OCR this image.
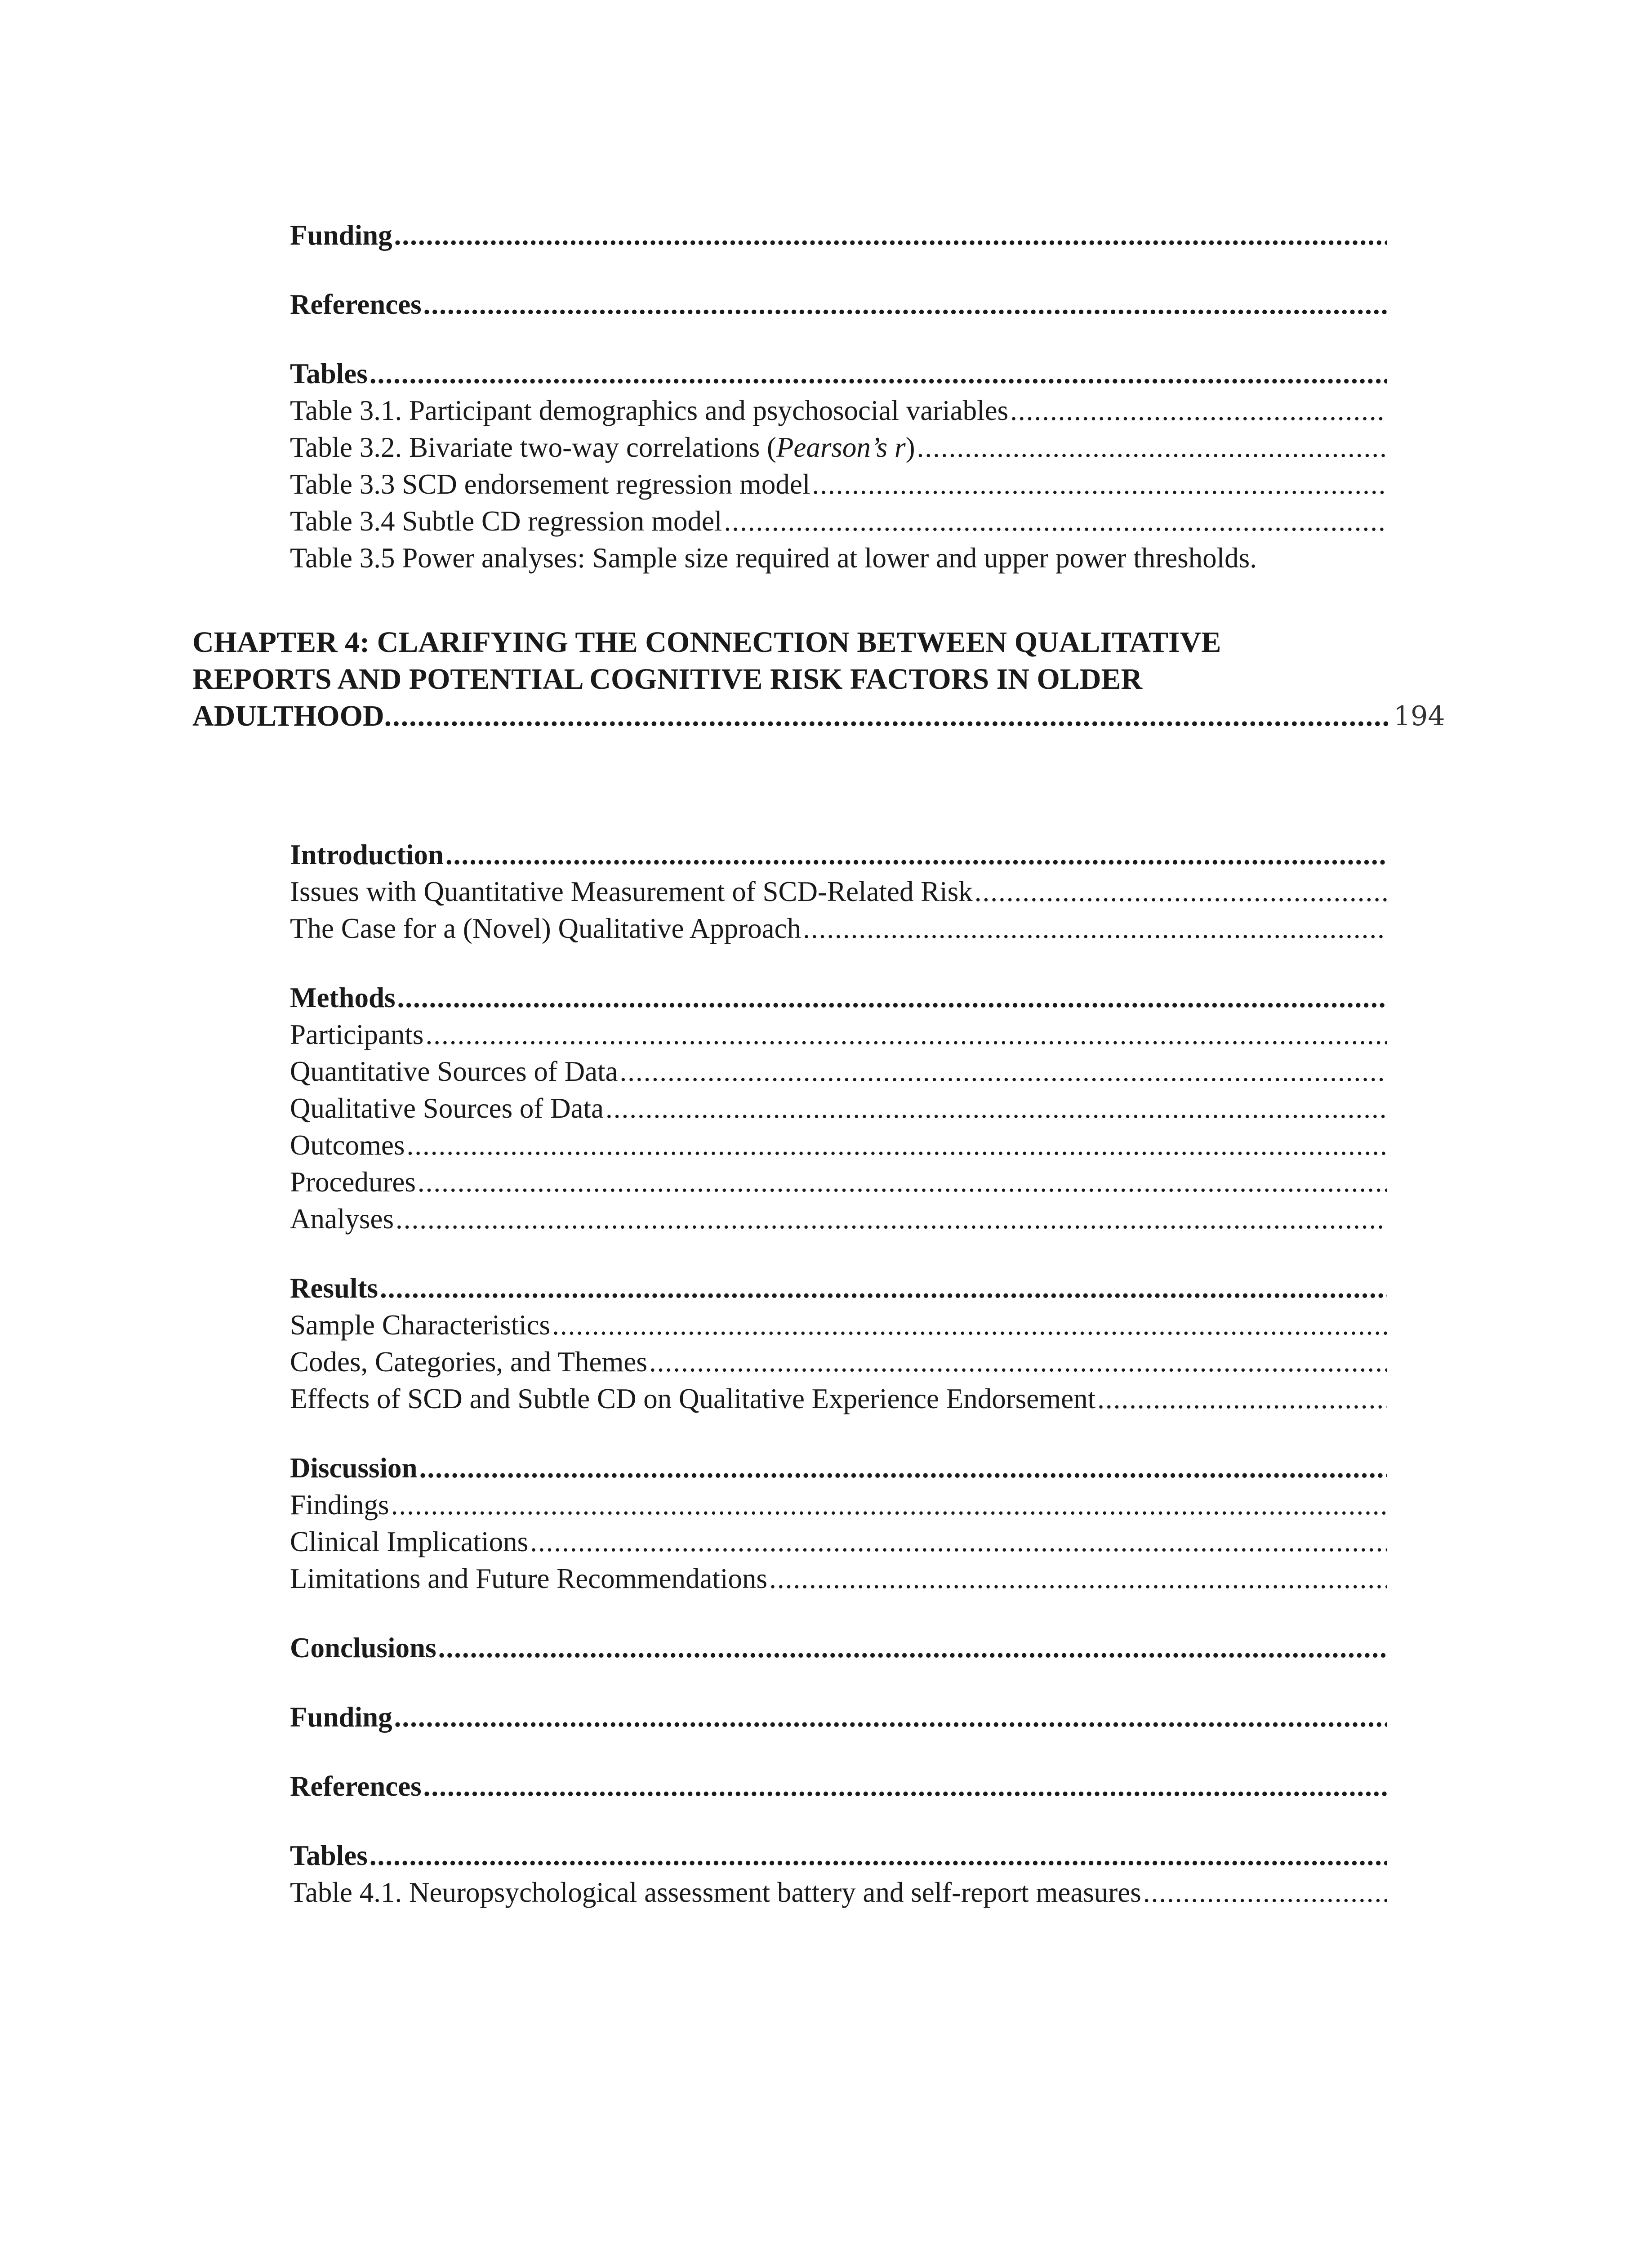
Funding
.....
References
.....
Tables
.....
Table 3.1. Participant demographics and psychosocial variables
.....
Table 3.2. Bivariate two-way correlations (Pearson’s r)
.....
Table 3.3 SCD endorsement regression model
.....
Table 3.4 Subtle CD regression model
.....
Table 3.5 Power analyses: Sample size required at lower and upper power thresholds.
CHAPTER 4: CLARIFYING THE CONNECTION BETWEEN QUALITATIVE
REPORTS AND POTENTIAL COGNITIVE RISK FACTORS IN OLDER
ADULTHOOD
.....	194
Introduction
.....
Issues with Quantitative Measurement of SCD-Related Risk
.....
The Case for a (Novel) Qualitative Approach
.....
Methods
.....
Participants
.....
Quantitative Sources of Data
.....
Qualitative Sources of Data
.....
Outcomes
.....
Procedures
.....
Analyses
.....
Results
.....
Sample Characteristics
.....
Codes, Categories, and Themes
.....
Effects of SCD and Subtle CD on Qualitative Experience Endorsement
.....
Discussion
.....
Findings
.....
Clinical Implications
.....
Limitations and Future Recommendations
.....
Conclusions
.....
Funding
.....
References
.....
Tables
.....
Table 4.1. Neuropsychological assessment battery and self-report measures
.....
